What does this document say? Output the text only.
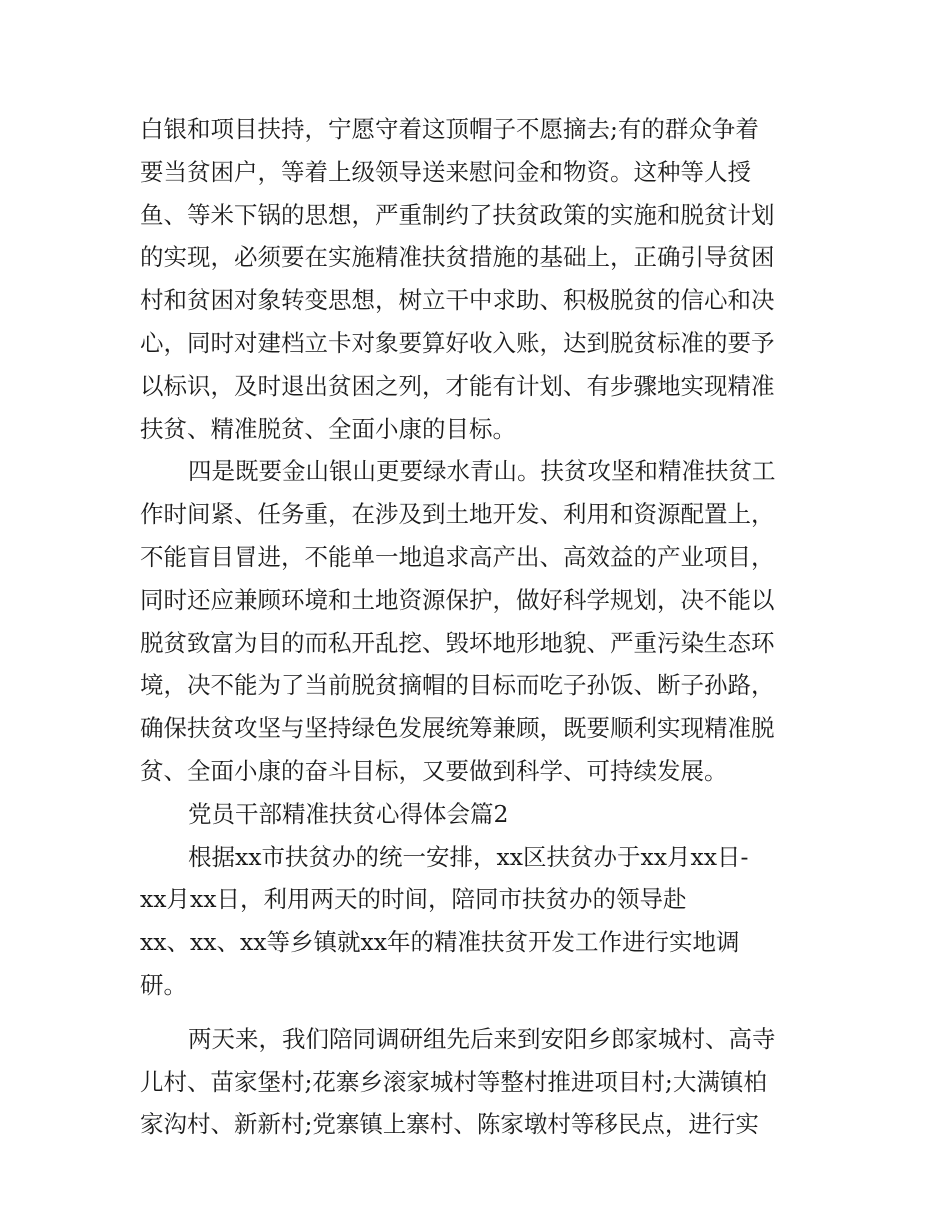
白银和项目扶持，宁愿守着这顶帽子不愿摘去;有的群众争着
要当贫困户，等着上级领导送来慰问金和物资。这种等人授
鱼、等米下锅的思想，严重制约了扶贫政策的实施和脱贫计划
的实现，必须要在实施精准扶贫措施的基础上，正确引导贫困
村和贫困对象转变思想，树立干中求助、积极脱贫的信心和决
心，同时对建档立卡对象要算好收入账，达到脱贫标准的要予
以标识，及时退出贫困之列，才能有计划、有步骤地实现精准
扶贫、精准脱贫、全面小康的目标。
四是既要金山银山更要绿水青山。扶贫攻坚和精准扶贫工
作时间紧、任务重，在涉及到土地开发、利用和资源配置上，
不能盲目冒进，不能单一地追求高产出、高效益的产业项目，
同时还应兼顾环境和土地资源保护，做好科学规划，决不能以
脱贫致富为目的而私开乱挖、毁坏地形地貌、严重污染生态环
境，决不能为了当前脱贫摘帽的目标而吃子孙饭、断子孙路，
确保扶贫攻坚与坚持绿色发展统筹兼顾，既要顺利实现精准脱
贫、全面小康的奋斗目标，又要做到科学、可持续发展。
党员干部精准扶贫心得体会篇2
根据xx市扶贫办的统一安排，xx区扶贫办于xx月xx日-
xx月xx日，利用两天的时间，陪同市扶贫办的领导赴
xx、xx、xx等乡镇就xx年的精准扶贫开发工作进行实地调
研。
两天来，我们陪同调研组先后来到安阳乡郎家城村、高寺
儿村、苗家堡村;花寨乡滚家城村等整村推进项目村;大满镇柏
家沟村、新新村;党寨镇上寨村、陈家墩村等移民点，进行实
